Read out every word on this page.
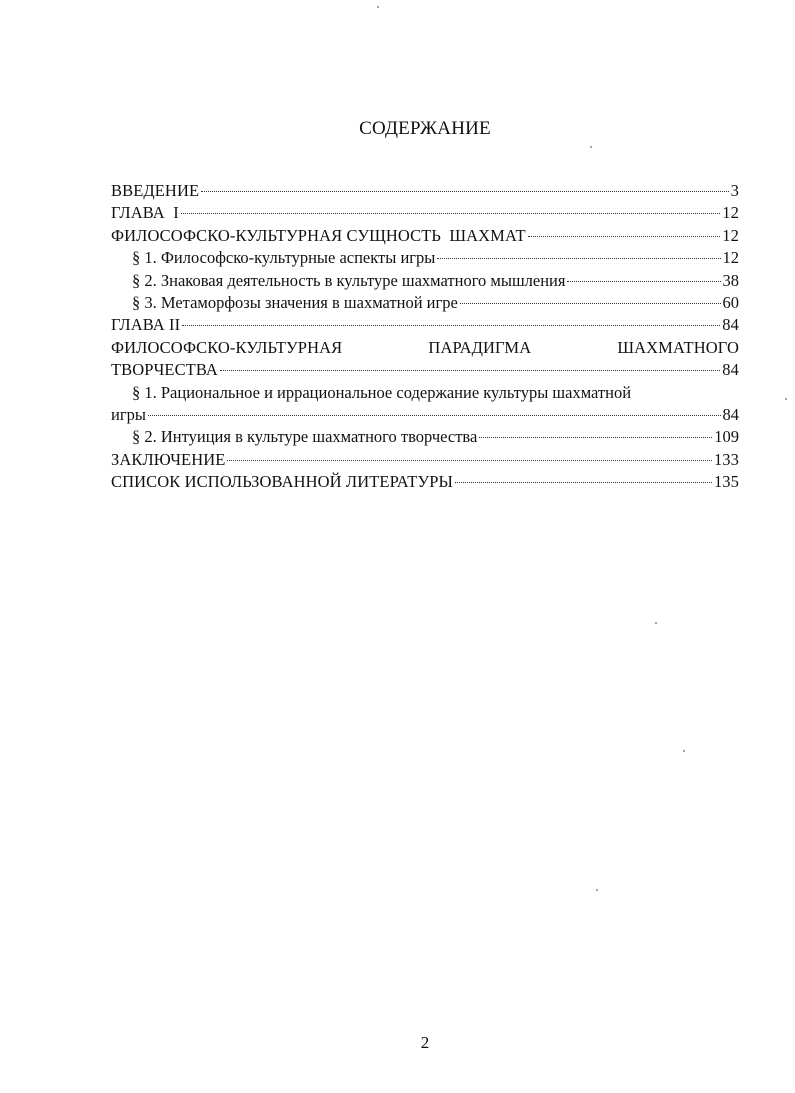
СОДЕРЖАНИЕ
ВВЕДЕНИЕ	3
ГЛАВА  I	12
ФИЛОСОФСКО-КУЛЬТУРНАЯ СУЩНОСТЬ  ШАХМАТ	12
§ 1. Философско-культурные аспекты игры	12
§ 2. Знаковая деятельность в культуре шахматного мышления	38
§ 3. Метаморфозы значения в шахматной игре	60
ГЛАВА II	84
ФИЛОСОФСКО-КУЛЬТУРНАЯ	ПАРАДИГМА	ШАХМАТНОГО
ТВОРЧЕСТВА	84
§ 1. Рациональное и иррациональное содержание культуры шахматной
игры	84
§ 2. Интуиция в культуре шахматного творчества	109
ЗАКЛЮЧЕНИЕ	133
СПИСОК ИСПОЛЬЗОВАННОЙ ЛИТЕРАТУРЫ	135
2
